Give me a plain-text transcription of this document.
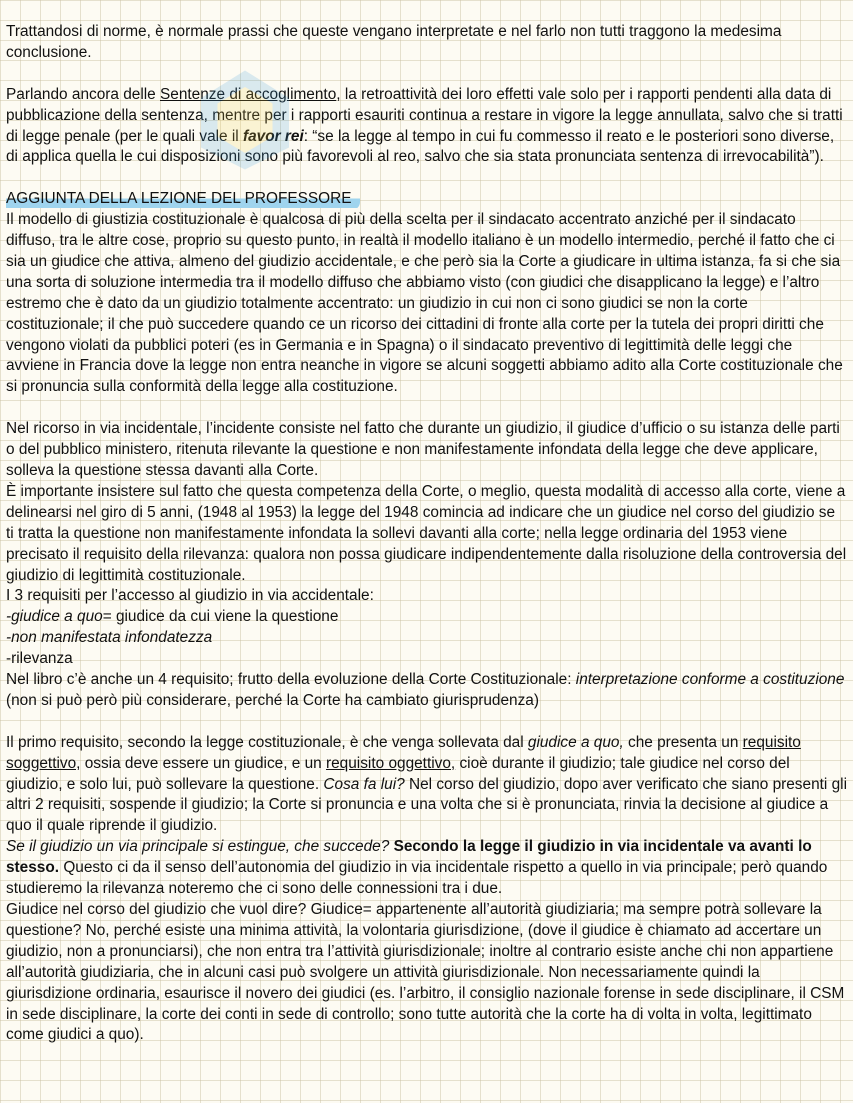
Trattandosi di norme, è normale prassi che queste vengano interpretate e nel farlo non tutti traggono la medesima conclusione.

Parlando ancora delle Sentenze di accoglimento, la retroattività dei loro effetti vale solo per i rapporti pendenti alla data di pubblicazione della sentenza, mentre per i rapporti esauriti continua a restare in vigore la legge annullata, salvo che si tratti di legge penale (per le quali vale il favor rei: “se la legge al tempo in cui fu commesso il reato e le posteriori sono diverse, di applica quella le cui disposizioni sono più favorevoli al reo, salvo che sia stata pronunciata sentenza di irrevocabilità”).

AGGIUNTA DELLA LEZIONE DEL PROFESSORE

Il modello di giustizia costituzionale è qualcosa di più della scelta per il sindacato accentrato anziché per il sindacato diffuso, tra le altre cose, proprio su questo punto, in realtà il modello italiano è un modello intermedio, perché il fatto che ci sia un giudice che attiva, almeno del giudizio accidentale, e che però sia la Corte a giudicare in ultima istanza, fa si che sia una sorta di soluzione intermedia tra il modello diffuso che abbiamo visto (con giudici che disapplicano la legge) e l’altro estremo che è dato da un giudizio totalmente accentrato: un giudizio in cui non ci sono giudici se non la corte costituzionale; il che può succedere quando ce un ricorso dei cittadini di fronte alla corte per la tutela dei propri diritti che vengono violati da pubblici poteri (es in Germania e in Spagna) o il sindacato preventivo di legittimità delle leggi che avviene in Francia dove la legge non entra neanche in vigore se alcuni soggetti abbiamo adito alla Corte costituzionale che si pronuncia sulla conformità della legge alla costituzione.

Nel ricorso in via incidentale, l’incidente consiste nel fatto che durante un giudizio, il giudice d’ufficio o su istanza delle parti o del pubblico ministero, ritenuta rilevante la questione e non manifestamente infondata della legge che deve applicare, solleva la questione stessa davanti alla Corte.

È importante insistere sul fatto che questa competenza della Corte, o meglio, questa modalità di accesso alla corte, viene a delinearsi nel giro di 5 anni, (1948 al 1953) la legge del 1948 comincia ad indicare che un giudice nel corso del giudizio se ti tratta la questione non manifestamente infondata la sollevi davanti alla corte; nella legge ordinaria del 1953 viene precisato il requisito della rilevanza: qualora non possa giudicare indipendentemente dalla risoluzione della controversia del giudizio di legittimità costituzionale.

I 3 requisiti per l’accesso al giudizio in via accidentale:

-giudice a quo= giudice da cui viene la questione

-non manifestata infondatezza

-rilevanza

Nel libro c’è anche un 4 requisito; frutto della evoluzione della Corte Costituzionale: interpretazione conforme a costituzione (non si può però più considerare, perché la Corte ha cambiato giurisprudenza)

Il primo requisito, secondo la legge costituzionale, è che venga sollevata dal giudice a quo, che presenta un requisito soggettivo, ossia deve essere un giudice, e un requisito oggettivo, cioè durante il giudizio; tale giudice nel corso del giudizio, e solo lui, può sollevare la questione. Cosa fa lui? Nel corso del giudizio, dopo aver verificato che siano presenti gli altri 2 requisiti, sospende il giudizio; la Corte si pronuncia e una volta che si è pronunciata, rinvia la decisione al giudice a quo il quale riprende il giudizio.

Se il giudizio un via principale si estingue, che succede? Secondo la legge il giudizio in via incidentale va avanti lo stesso. Questo ci da il senso dell’autonomia del giudizio in via incidentale rispetto a quello in via principale; però quando studieremo la rilevanza noteremo che ci sono delle connessioni tra i due.

Giudice nel corso del giudizio che vuol dire? Giudice= appartenente all’autorità giudiziaria; ma sempre potrà sollevare la questione? No, perché esiste una minima attività, la volontaria giurisdizione, (dove il giudice è chiamato ad accertare un giudizio, non a pronunciarsi), che non entra tra l’attività giurisdizionale; inoltre al contrario esiste anche chi non appartiene all’autorità giudiziaria, che in alcuni casi può svolgere un attività giurisdizionale. Non necessariamente quindi la giurisdizione ordinaria, esaurisce il novero dei giudici (es. l’arbitro, il consiglio nazionale forense in sede disciplinare, il CSM in sede disciplinare, la corte dei conti in sede di controllo; sono tutte autorità che la corte ha di volta in volta, legittimato come giudici a quo).
